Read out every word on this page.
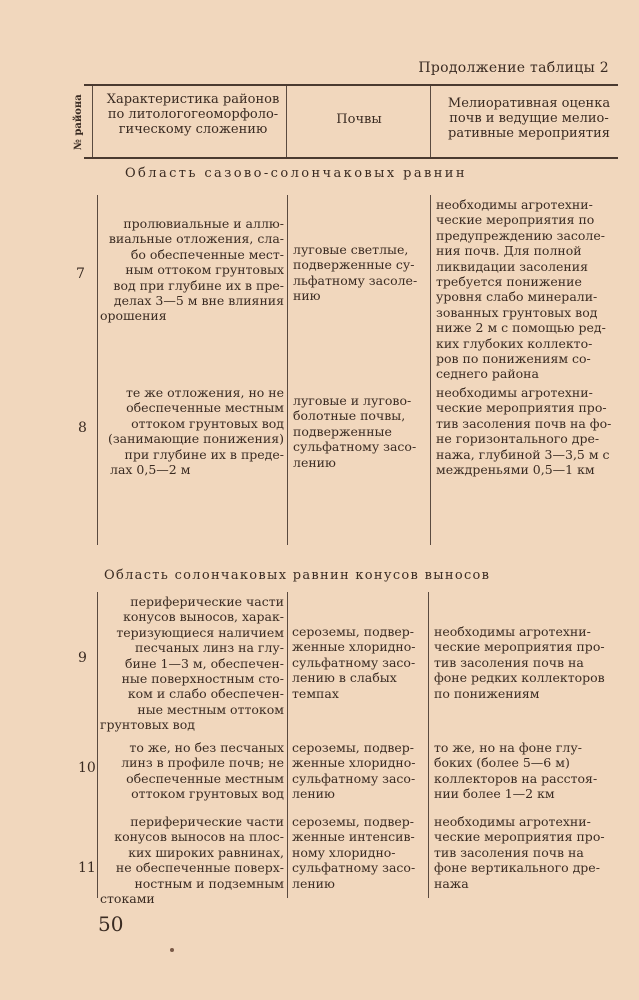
Продолжение таблицы 2
№ района	Характеристика районов
по литологогеоморфоло-
гическому сложению
Почвы
Мелиоративная оценка
почв и ведущие мелио-
ративные мероприятия
Область сазово-солончаковых равнин
7
пролювиальные и аллю-
виальные отложения, сла-
бо обеспеченные мест-
ным оттоком грунтовых
вод при глубине их в пре-
делах 3—5 м вне влияния
орошения
луговые светлые,
подверженные су-
льфатному засоле-
нию
необходимы агротехни-
ческие мероприятия по
предупреждению засоле-
ния почв. Для полной
ликвидации засоления
требуется понижение
уровня слабо минерали-
зованных грунтовых вод
ниже 2 м с помощью ред-
ких глубоких коллекто-
ров по понижениям со-
седнего района
8
те же отложения, но не
обеспеченные местным
оттоком грунтовых вод
(занимающие понижения)
при глубине их в преде-
лах 0,5—2 м
луговые и лугово-
болотные почвы,
подверженные
сульфатному засо-
лению
необходимы агротехни-
ческие мероприятия про-
тив засоления почв на фо-
не горизонтального дре-
нажа, глубиной 3—3,5 м с
междреньями 0,5—1 км
Область солончаковых равнин конусов выносов
9
периферические части
конусов выносов, харак-
теризующиеся наличием
песчаных линз на глу-
бине 1—3 м, обеспечен-
ные поверхностным сто-
ком и слабо обеспечен-
ные местным оттоком
грунтовых вод
сероземы, подвер-
женные хлоридно-
сульфатному засо-
лению в слабых
темпах
необходимы агротехни-
ческие мероприятия про-
тив засоления почв на
фоне редких коллекторов
по понижениям
10
то же, но без песчаных
линз в профиле почв; не
обеспеченные местным
оттоком грунтовых вод
сероземы, подвер-
женные хлоридно-
сульфатному засо-
лению
то же, но на фоне глу-
боких (более 5—6 м)
коллекторов на расстоя-
нии более 1—2 км
11
периферические части
конусов выносов на плос-
ких широких равнинах,
не обеспеченные поверх-
ностным и подземным
стоками
сероземы, подвер-
женные интенсив-
ному хлоридно-
сульфатному засо-
лению
необходимы агротехни-
ческие мероприятия про-
тив засоления почв на
фоне вертикального дре-
нажа
50
